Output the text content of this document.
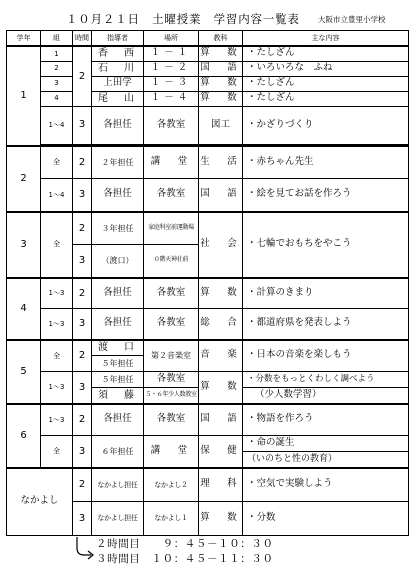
１０月２１日　土曜授業　学習内容一覧表 大阪市立豊里小学校
学年	組	時間	指導者	場所	教科	主な内容
1	1	2	香　西	１－１	算　数	・たしざん
	2		石　川	１－２	国　語	・いろいろな　ふね
	3		上田学	１－３	算　数	・たしざん
	4		尾　山	１－４	算　数	・たしざん
	1～4	3	各担任	各教室	図工	・かざりづくり

2	全	2	２年担任	講　堂	生　活	・赤ちゃん先生
	1～4	3	各担任	各教室	国　語	・絵を見てお話を作ろう
3	全	2	３年担任	家庭科室前運動場	社　会	・七輪でおもちをやこう
		3	（渡口）	０階天神社前		
4	1～3	2	各担任	各教室	算　数	・計算のきまり
	1～3	3	各担任	各教室	総　合	・都道府県を発表しよう
5	全	2	渡　口	第２音楽室	音　楽	・日本の音楽を楽しもう
			５年担任			
	1～3	3	５年担任	各教室	算　数	・分数をもっとくわしく調べよう
			須　藤	５・６年少人数教室		（少人数学習）
6	1～3	2	各担任	各教室	国　語	・物語を作ろう
	全	3	６年担任	講　堂	保　健	・命の誕生
						（いのちと性の教育）
なかよし		2	なかよし担任	なかよし２	理　科	・空気で実験しよう
		3	なかよし担任	なかよし１	算　数	・分数
２時間目　　９：４５－１０：３０
３時間目　１０：４５－１１：３０
